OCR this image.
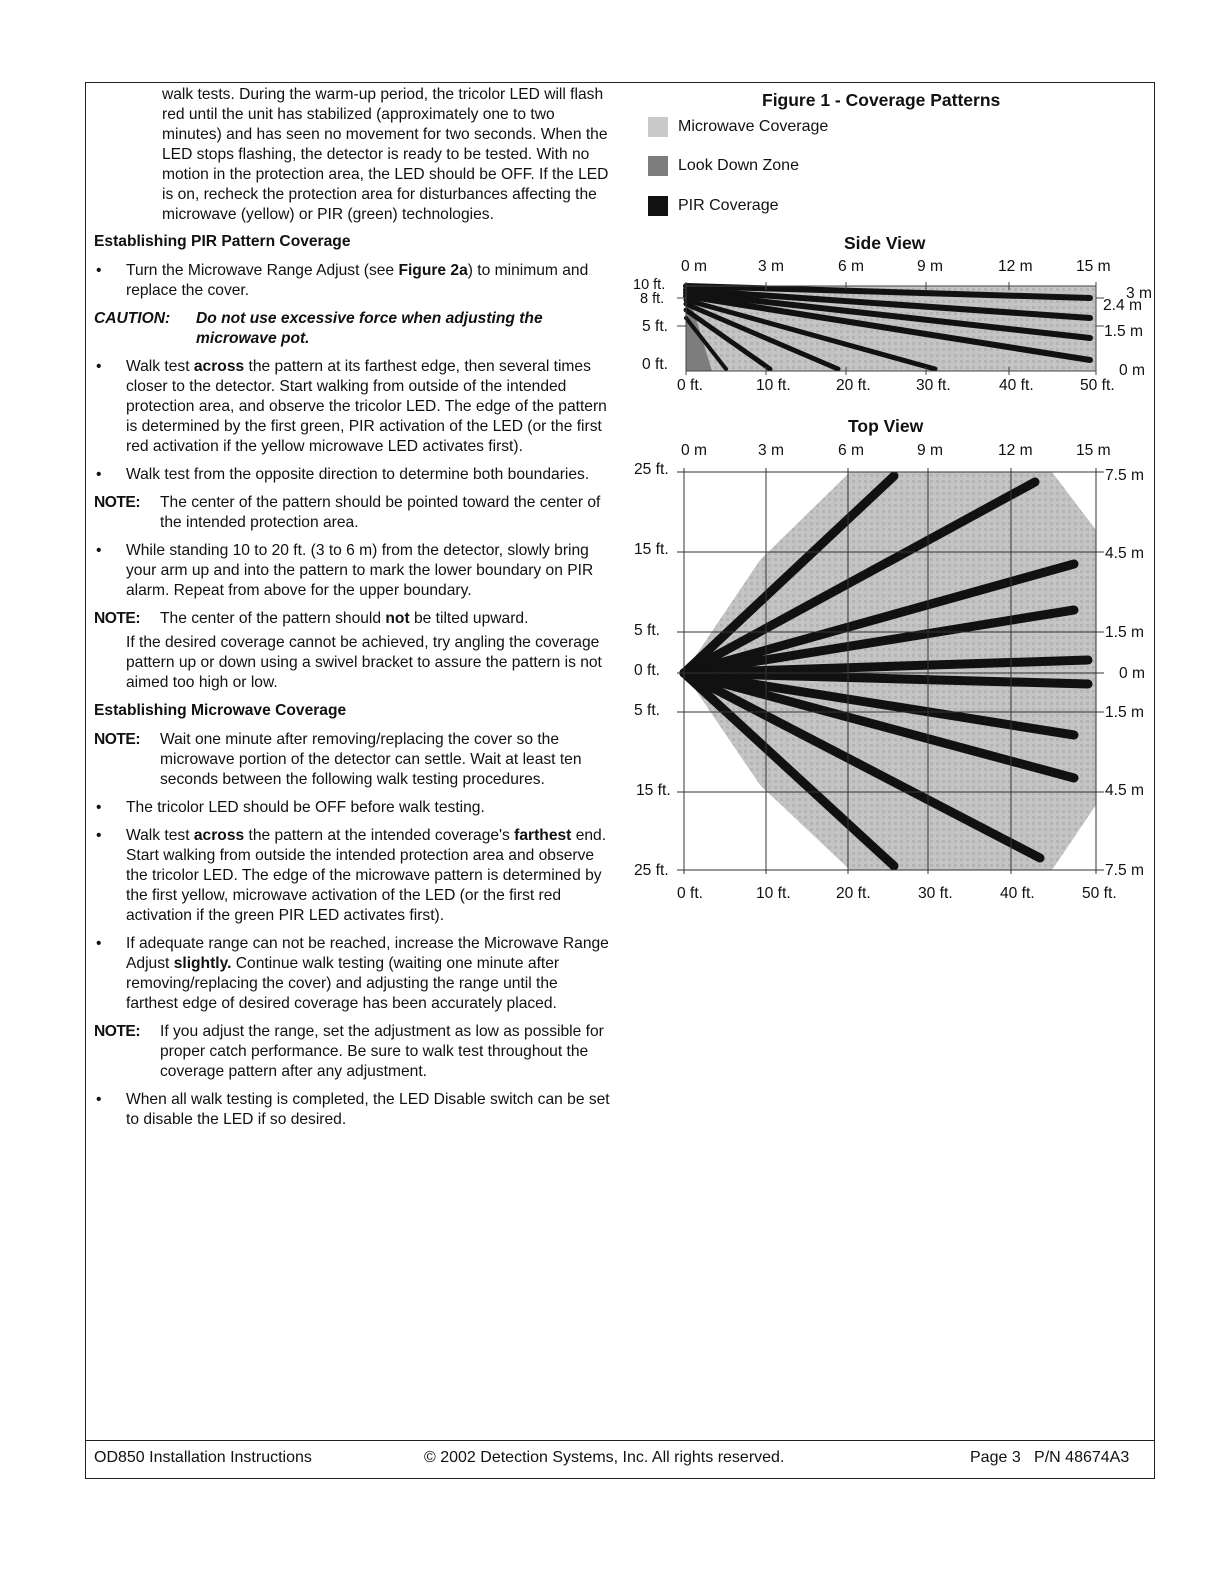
walk tests. During the warm-up period, the tricolor LED will flash red until the unit has stabilized (approximately one to two minutes) and has seen no movement for two seconds. When the LED stops flashing, the detector is ready to be tested. With no motion in the protection area, the LED should be OFF. If the LED is on, recheck the protection area for disturbances affecting the microwave (yellow) or PIR (green) technologies.

Establishing PIR Pattern Coverage

• Turn the Microwave Range Adjust (see Figure 2a) to minimum and replace the cover.
CAUTION: Do not use excessive force when adjusting the microwave pot.
• Walk test across the pattern at its farthest edge, then several times closer to the detector. Start walking from outside of the intended protection area, and observe the tricolor LED. The edge of the pattern is determined by the first green, PIR activation of the LED (or the first red activation if the yellow microwave LED activates first).
• Walk test from the opposite direction to determine both boundaries.
NOTE: The center of the pattern should be pointed toward the center of the intended protection area.
• While standing 10 to 20 ft. (3 to 6 m) from the detector, slowly bring your arm up and into the pattern to mark the lower boundary on PIR alarm. Repeat from above for the upper boundary.
NOTE: The center of the pattern should not be tilted upward.

If the desired coverage cannot be achieved, try angling the coverage pattern up or down using a swivel bracket to assure the pattern is not aimed too high or low.

Establishing Microwave Coverage

NOTE: Wait one minute after removing/replacing the cover so the microwave portion of the detector can settle. Wait at least ten seconds between the following walk testing procedures.
• The tricolor LED should be OFF before walk testing.
• Walk test across the pattern at the intended coverage's farthest end. Start walking from outside the intended protection area and observe the tricolor LED. The edge of the microwave pattern is determined by the first yellow, microwave activation of the LED (or the first red activation if the green PIR LED activates first).
• If adequate range can not be reached, increase the Microwave Range Adjust slightly. Continue walk testing (waiting one minute after removing/replacing the cover) and adjusting the range until the farthest edge of desired coverage has been accurately placed.
NOTE: If you adjust the range, set the adjustment as low as possible for proper catch performance. Be sure to walk test throughout the coverage pattern after any adjustment.
• When all walk testing is completed, the LED Disable switch can be set to disable the LED if so desired.
Figure 1 - Coverage Patterns
Microwave Coverage
Look Down Zone
PIR Coverage
Side View
Top View
0 m	3 m	6 m	9 m	12 m	15 m
10 ft.
8 ft.
5 ft.
0 ft.
3 m
2.4 m
1.5 m
0 m
0 ft.	10 ft.	20 ft.	30 ft.	40 ft.	50 ft.
0 m	3 m	6 m	9 m	12 m	15 m
25 ft.
15 ft.
5 ft.
0 ft.
5 ft.
15 ft.
25 ft.
7.5 m
4.5 m
1.5 m
0 m
1.5 m
4.5 m
7.5 m
0 ft.	10 ft.	20 ft.	30 ft.	40 ft.	50 ft.
OD850 Installation Instructions	© 2002 Detection Systems, Inc. All rights reserved.	Page 3   P/N 48674A3
